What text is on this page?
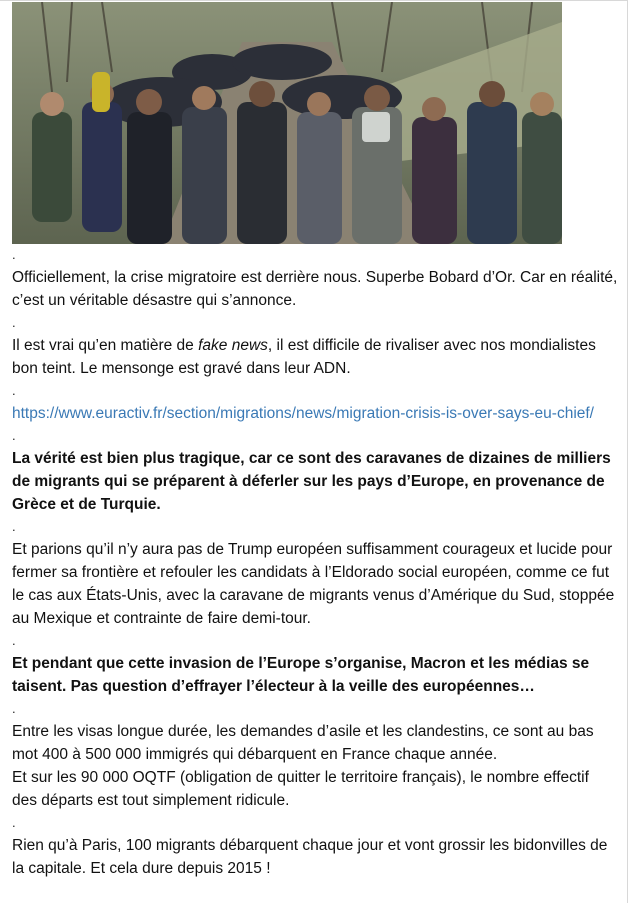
.

Officiellement, la crise migratoire est derrière nous. Superbe Bobard d’Or. Car en réalité, c’est un véritable désastre qui s’annonce.

.

Il est vrai qu’en matière de fake news, il est difficile de rivaliser avec nos mondialistes bon teint. Le mensonge est gravé dans leur ADN.

.

https://www.euractiv.fr/section/migrations/news/migration-crisis-is-over-says-eu-chief/

.

La vérité est bien plus tragique, car ce sont des caravanes de dizaines de milliers de migrants qui se préparent à déferler sur les pays d’Europe, en provenance de Grèce et de Turquie.

.

Et parions qu’il n’y aura pas de Trump européen suffisamment courageux et lucide pour fermer sa frontière et refouler les candidats à l’Eldorado social européen, comme ce fut le cas aux États-Unis, avec la caravane de migrants venus d’Amérique du Sud, stoppée au Mexique et contrainte de faire demi-tour.

.

Et pendant que cette invasion de l’Europe s’organise, Macron et les médias se taisent. Pas question d’effrayer l’électeur à la veille des européennes…

.

Entre les visas longue durée, les demandes d’asile et les clandestins, ce sont au bas mot 400 à 500 000 immigrés qui débarquent en France chaque année.

Et sur les 90 000 OQTF (obligation de quitter le territoire français), le nombre effectif des départs est tout simplement ridicule.

.

Rien qu’à Paris, 100 migrants débarquent chaque jour et vont grossir les bidonvilles de la capitale. Et cela dure depuis 2015 !
